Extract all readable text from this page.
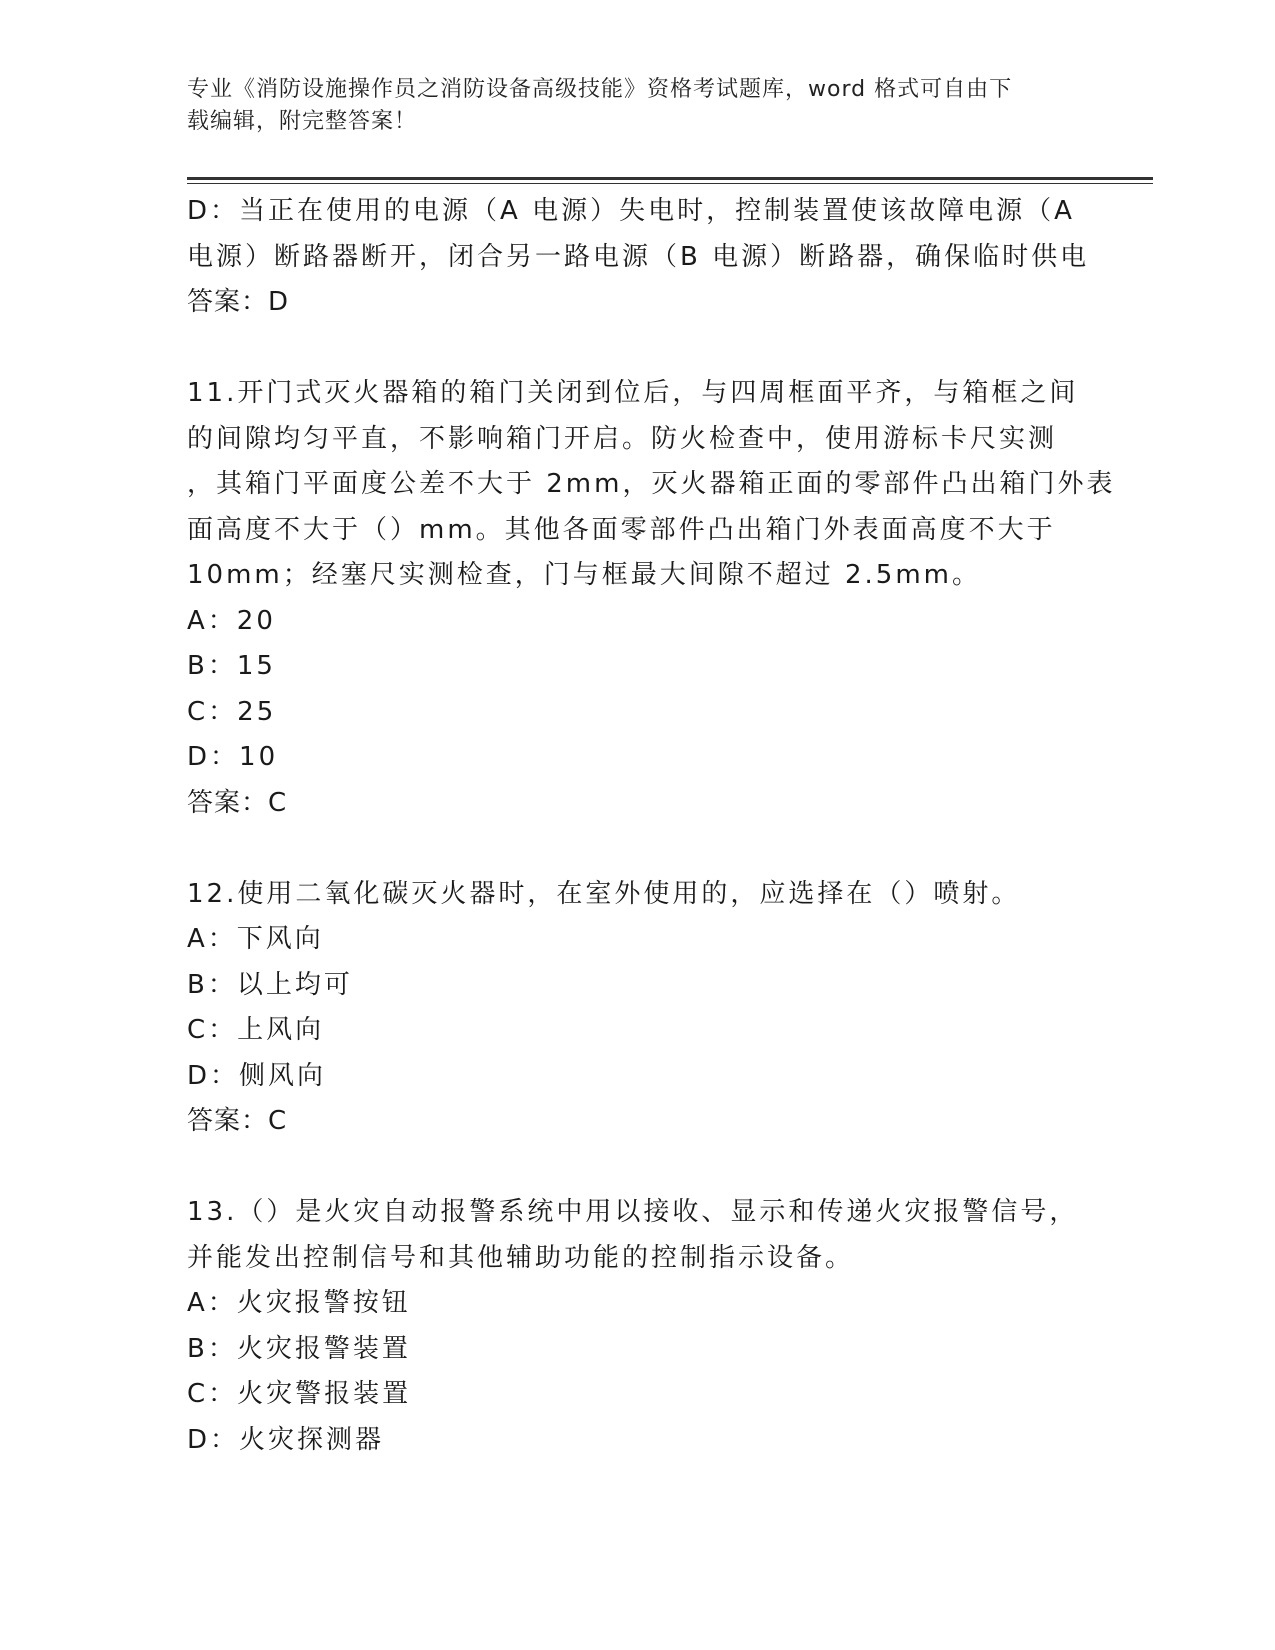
专业《消防设施操作员之消防设备高级技能》资格考试题库，word 格式可自由下
载编辑，附完整答案！
D：当正在使用的电源（A 电源）失电时，控制装置使该故障电源（A
电源）断路器断开，闭合另一路电源（B 电源）断路器，确保临时供电
答案：D
11.开门式灭火器箱的箱门关闭到位后，与四周框面平齐，与箱框之间
的间隙均匀平直，不影响箱门开启。防火检查中，使用游标卡尺实测
，其箱门平面度公差不大于 2mm，灭火器箱正面的零部件凸出箱门外表
面高度不大于（）mm。其他各面零部件凸出箱门外表面高度不大于
10mm；经塞尺实测检查，门与框最大间隙不超过 2.5mm。
A：20
B：15
C：25
D：10
答案：C
12.使用二氧化碳灭火器时，在室外使用的，应选择在（）喷射。
A：下风向
B：以上均可
C：上风向
D：侧风向
答案：C
13.（）是火灾自动报警系统中用以接收、显示和传递火灾报警信号，
并能发出控制信号和其他辅助功能的控制指示设备。
A：火灾报警按钮
B：火灾报警装置
C：火灾警报装置
D：火灾探测器
